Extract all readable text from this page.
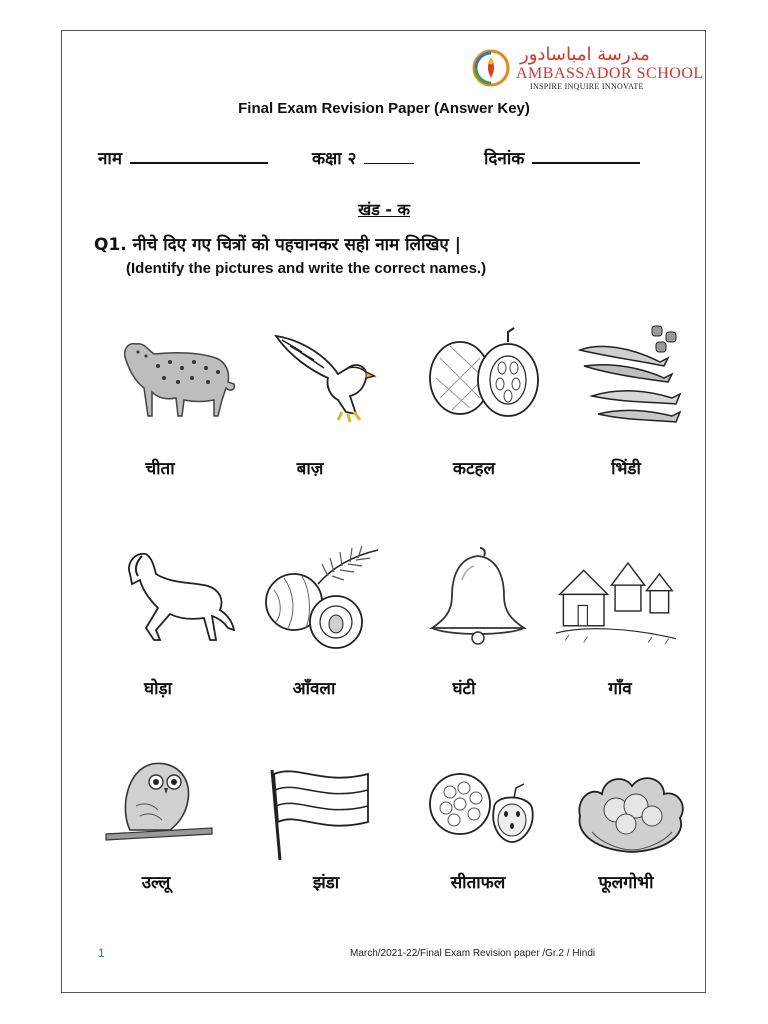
مدرسة امباسادور
AMBASSADOR SCHOOL
INSPIRE INQUIRE INNOVATE
Final Exam Revision Paper (Answer Key)
नाम	कक्षा २	दिनांक
खंड - क
Q1. नीचे दिए गए चित्रों को पहचानकर सही नाम लिखिए |
(Identify the pictures and write the correct names.)
चीता	बाज़	कटहल	भिंडी
घोड़ा	आँवला	घंटी	गाँव
उल्लू	झंडा	सीताफल	फूलगोभी
1	March/2021-22/Final Exam Revision paper /Gr.2 / Hindi
